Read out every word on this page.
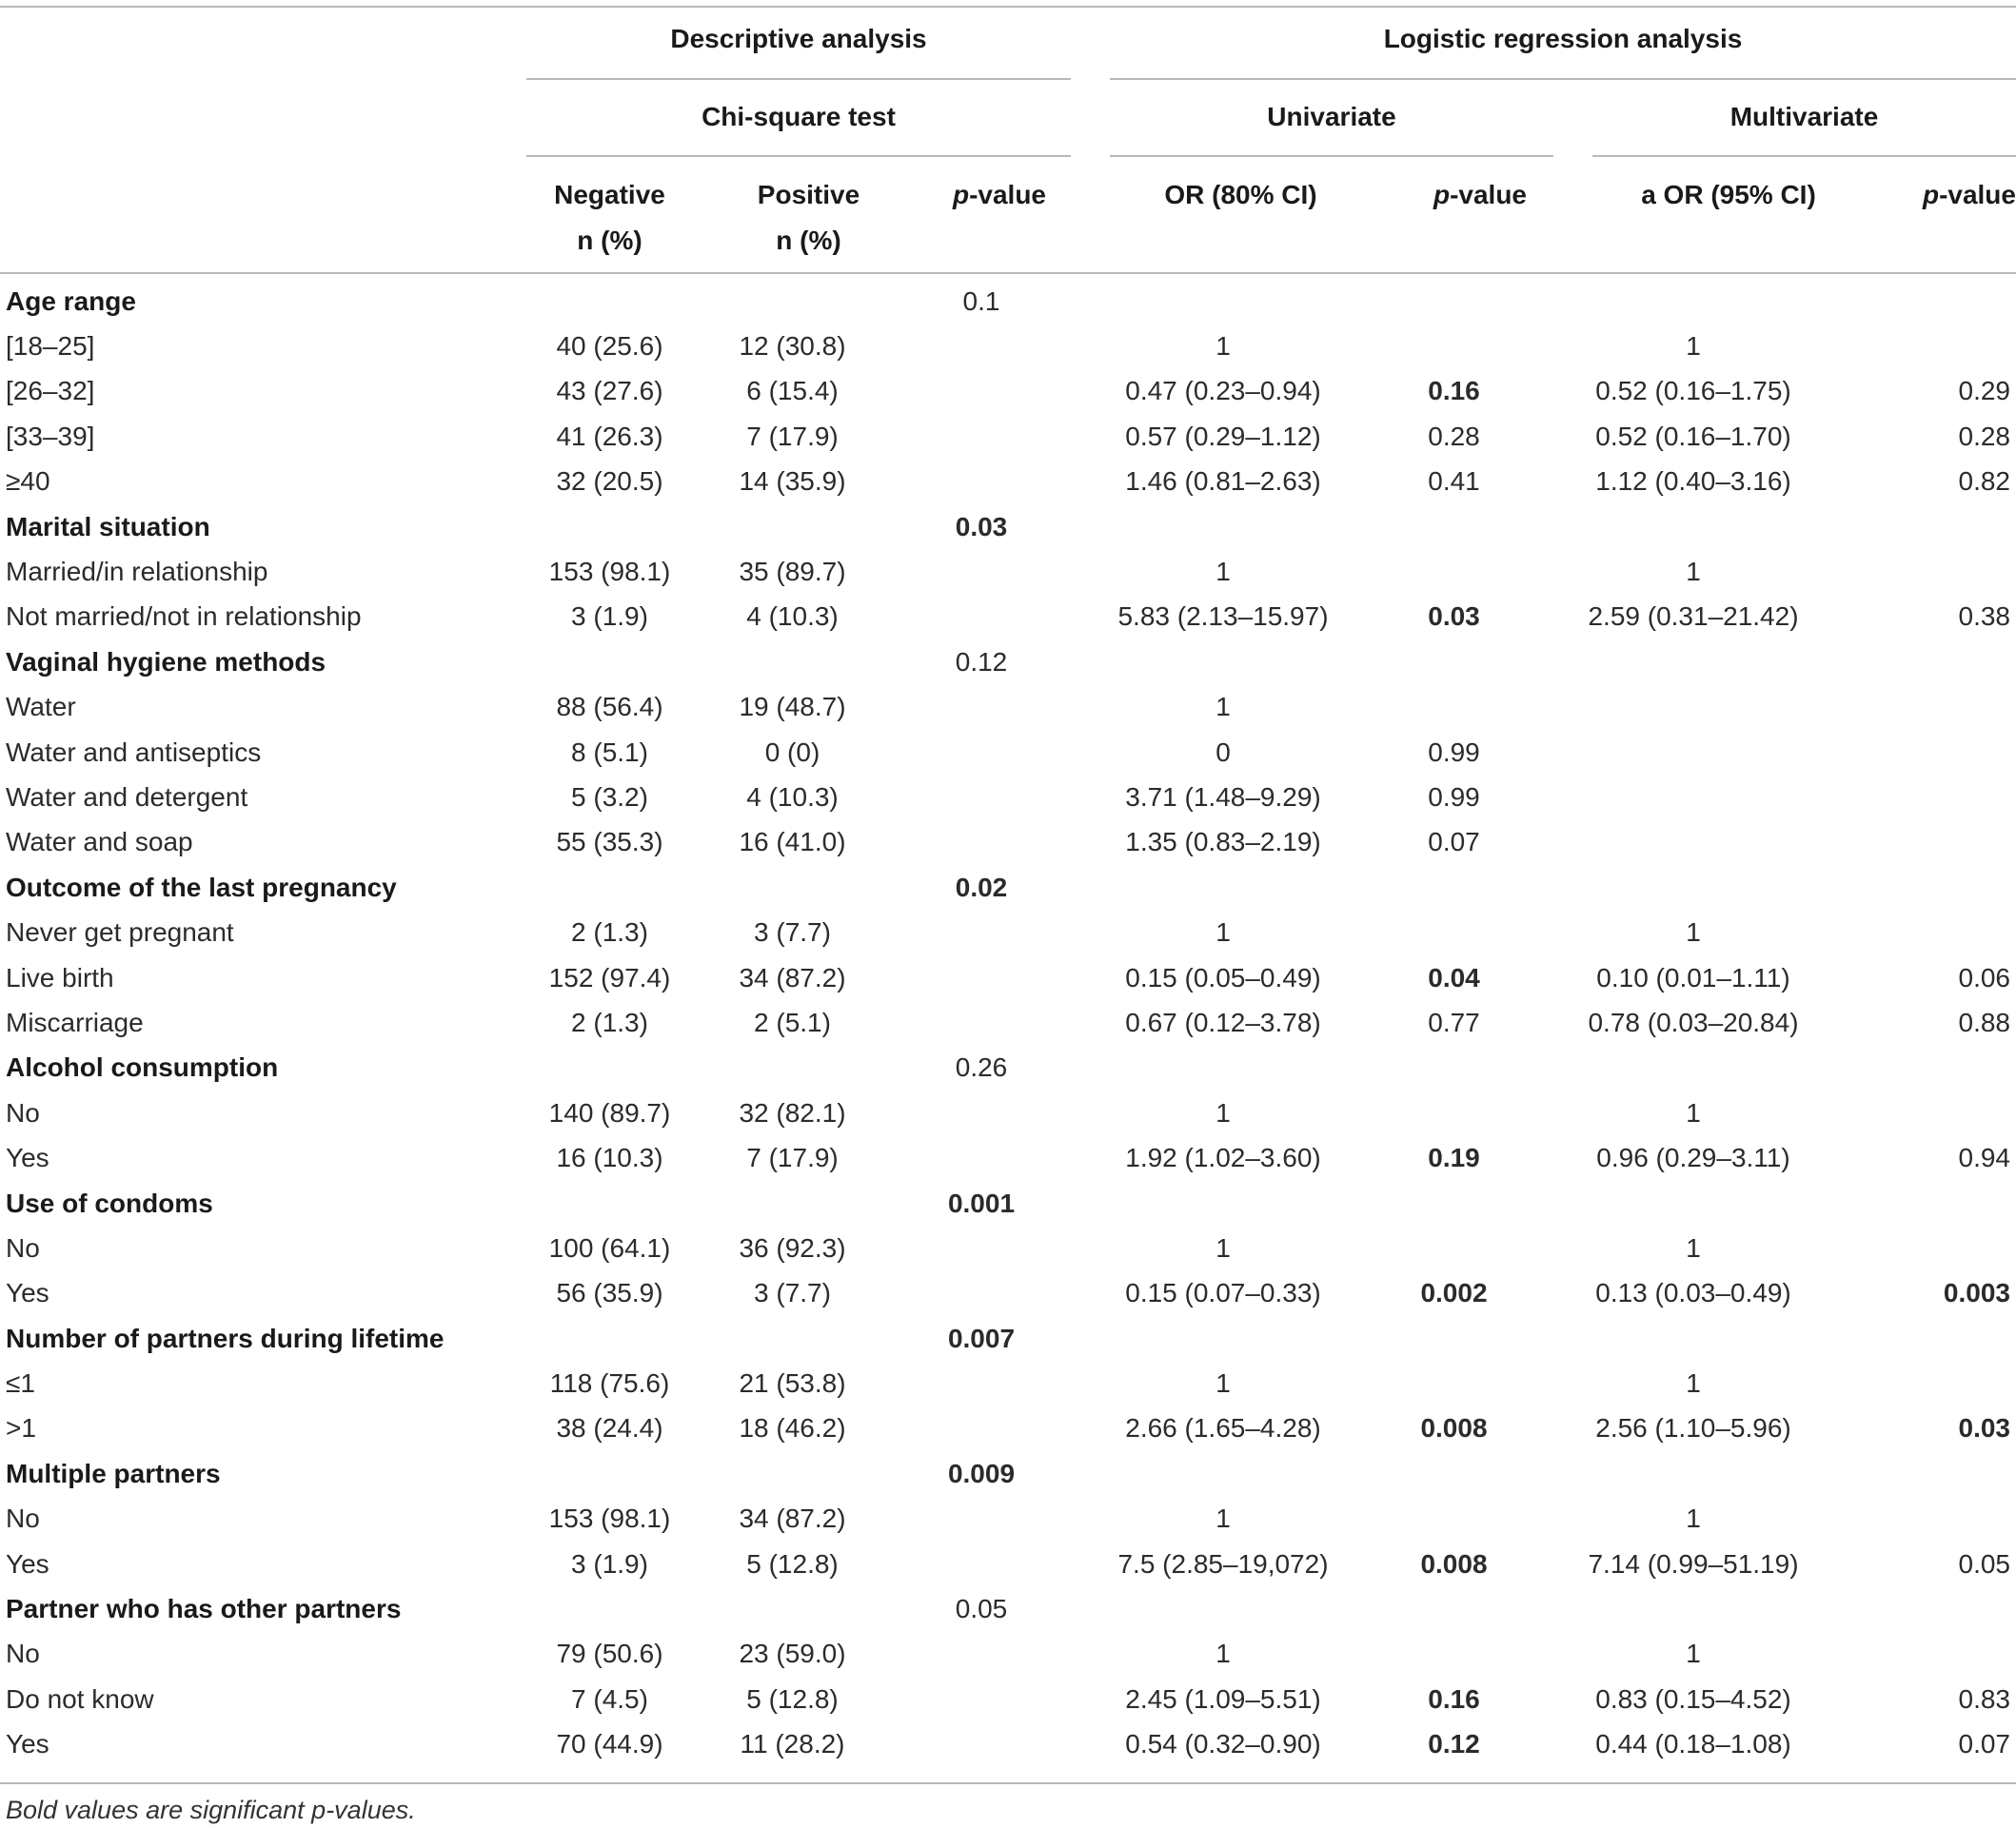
Descriptive analysis	Logistic regression analysis
Chi-square test	Univariate	Multivariate
Negative
n (%)
Positive
n (%)
p-value	OR (80% CI)	p-value	a OR (95% CI)	p-value
Age range			0.1				
[18–25]	40 (25.6)	12 (30.8)		1		1	
[26–32]	43 (27.6)	6 (15.4)		0.47 (0.23–0.94)	0.16	0.52 (0.16–1.75)	0.29
[33–39]	41 (26.3)	7 (17.9)		0.57 (0.29–1.12)	0.28	0.52 (0.16–1.70)	0.28
≥40	32 (20.5)	14 (35.9)		1.46 (0.81–2.63)	0.41	1.12 (0.40–3.16)	0.82
Marital situation			0.03				
Married/in relationship	153 (98.1)	35 (89.7)		1		1	
Not married/not in relationship	3 (1.9)	4 (10.3)		5.83 (2.13–15.97)	0.03	2.59 (0.31–21.42)	0.38
Vaginal hygiene methods			0.12				
Water	88 (56.4)	19 (48.7)		1			
Water and antiseptics	8 (5.1)	0 (0)		0	0.99		
Water and detergent	5 (3.2)	4 (10.3)		3.71 (1.48–9.29)	0.99		
Water and soap	55 (35.3)	16 (41.0)		1.35 (0.83–2.19)	0.07		
Outcome of the last pregnancy			0.02				
Never get pregnant	2 (1.3)	3 (7.7)		1		1	
Live birth	152 (97.4)	34 (87.2)		0.15 (0.05–0.49)	0.04	0.10 (0.01–1.11)	0.06
Miscarriage	2 (1.3)	2 (5.1)		0.67 (0.12–3.78)	0.77	0.78 (0.03–20.84)	0.88
Alcohol consumption			0.26				
No	140 (89.7)	32 (82.1)		1		1	
Yes	16 (10.3)	7 (17.9)		1.92 (1.02–3.60)	0.19	0.96 (0.29–3.11)	0.94
Use of condoms			0.001				
No	100 (64.1)	36 (92.3)		1		1	
Yes	56 (35.9)	3 (7.7)		0.15 (0.07–0.33)	0.002	0.13 (0.03–0.49)	0.003
Number of partners during lifetime			0.007				
≤1	118 (75.6)	21 (53.8)		1		1	
>1	38 (24.4)	18 (46.2)		2.66 (1.65–4.28)	0.008	2.56 (1.10–5.96)	0.03
Multiple partners			0.009				
No	153 (98.1)	34 (87.2)		1		1	
Yes	3 (1.9)	5 (12.8)		7.5 (2.85–19,072)	0.008	7.14 (0.99–51.19)	0.05
Partner who has other partners			0.05				
No	79 (50.6)	23 (59.0)		1		1	
Do not know	7 (4.5)	5 (12.8)		2.45 (1.09–5.51)	0.16	0.83 (0.15–4.52)	0.83
Yes	70 (44.9)	11 (28.2)		0.54 (0.32–0.90)	0.12	0.44 (0.18–1.08)	0.07
Bold values are significant p-values.
